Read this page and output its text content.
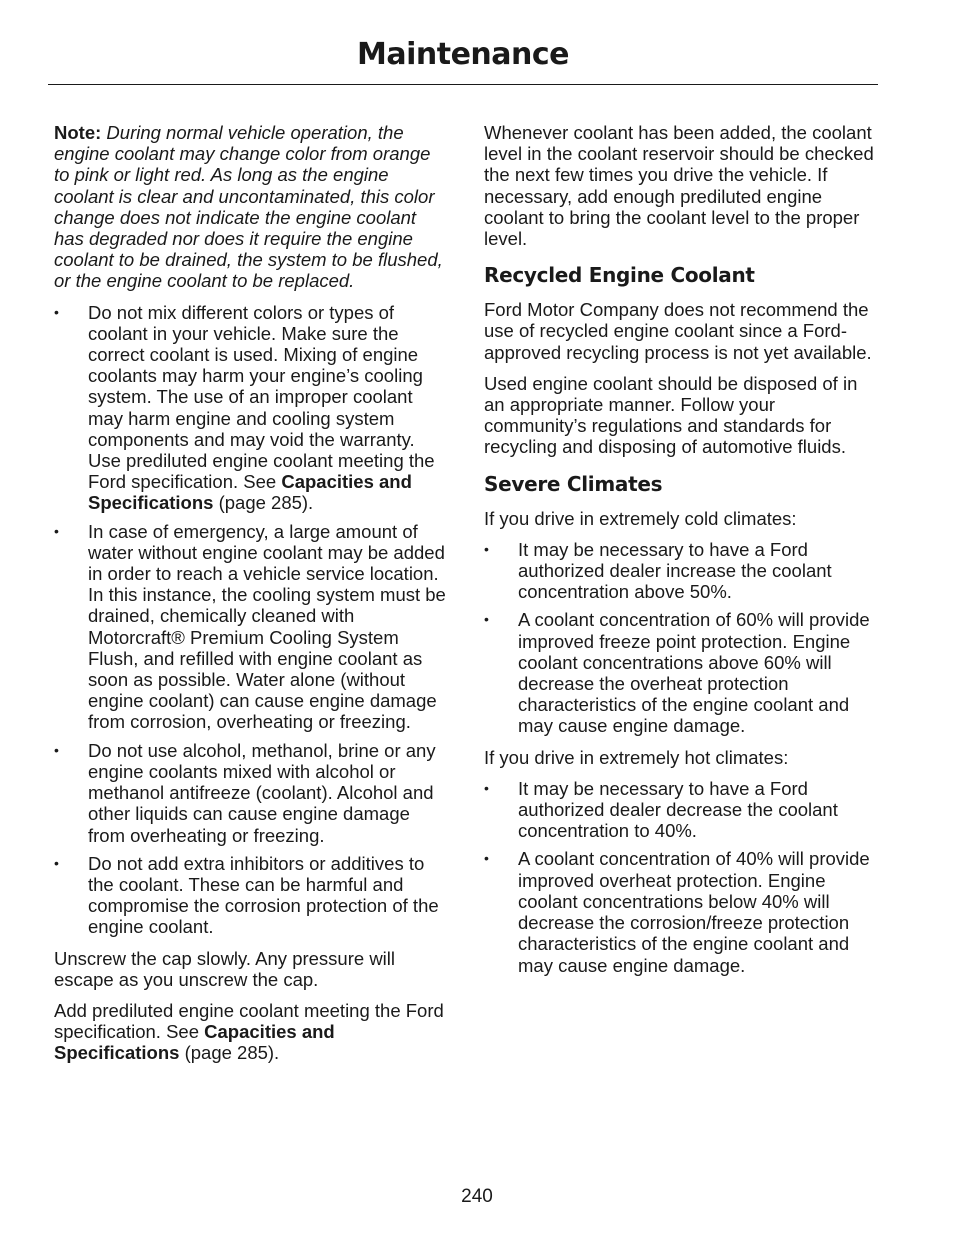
Maintenance

Note: During normal vehicle operation, the engine coolant may change color from orange to pink or light red. As long as the engine coolant is clear and uncontaminated, this color change does not indicate the engine coolant has degraded nor does it require the engine coolant to be drained, the system to be flushed, or the engine coolant to be replaced.

• Do not mix different colors or types of coolant in your vehicle. Make sure the correct coolant is used. Mixing of engine coolants may harm your engine’s cooling system. The use of an improper coolant may harm engine and cooling system components and may void the warranty. Use prediluted engine coolant meeting the Ford specification. See Capacities and Specifications (page 285).
• In case of emergency, a large amount of water without engine coolant may be added in order to reach a vehicle service location. In this instance, the cooling system must be drained, chemically cleaned with Motorcraft® Premium Cooling System Flush, and refilled with engine coolant as soon as possible. Water alone (without engine coolant) can cause engine damage from corrosion, overheating or freezing.
• Do not use alcohol, methanol, brine or any engine coolants mixed with alcohol or methanol antifreeze (coolant). Alcohol and other liquids can cause engine damage from overheating or freezing.
• Do not add extra inhibitors or additives to the coolant. These can be harmful and compromise the corrosion protection of the engine coolant.

Unscrew the cap slowly. Any pressure will escape as you unscrew the cap.

Add prediluted engine coolant meeting the Ford specification. See Capacities and Specifications (page 285).

Whenever coolant has been added, the coolant level in the coolant reservoir should be checked the next few times you drive the vehicle. If necessary, add enough prediluted engine coolant to bring the coolant level to the proper level.

Recycled Engine Coolant

Ford Motor Company does not recommend the use of recycled engine coolant since a Ford-approved recycling process is not yet available.

Used engine coolant should be disposed of in an appropriate manner. Follow your community’s regulations and standards for recycling and disposing of automotive fluids.

Severe Climates

If you drive in extremely cold climates:

• It may be necessary to have a Ford authorized dealer increase the coolant concentration above 50%.
• A coolant concentration of 60% will provide improved freeze point protection. Engine coolant concentrations above 60% will decrease the overheat protection characteristics of the engine coolant and may cause engine damage.

If you drive in extremely hot climates:

• It may be necessary to have a Ford authorized dealer decrease the coolant concentration to 40%.
• A coolant concentration of 40% will provide improved overheat protection. Engine coolant concentrations below 40% will decrease the corrosion/freeze protection characteristics of the engine coolant and may cause engine damage.
240
